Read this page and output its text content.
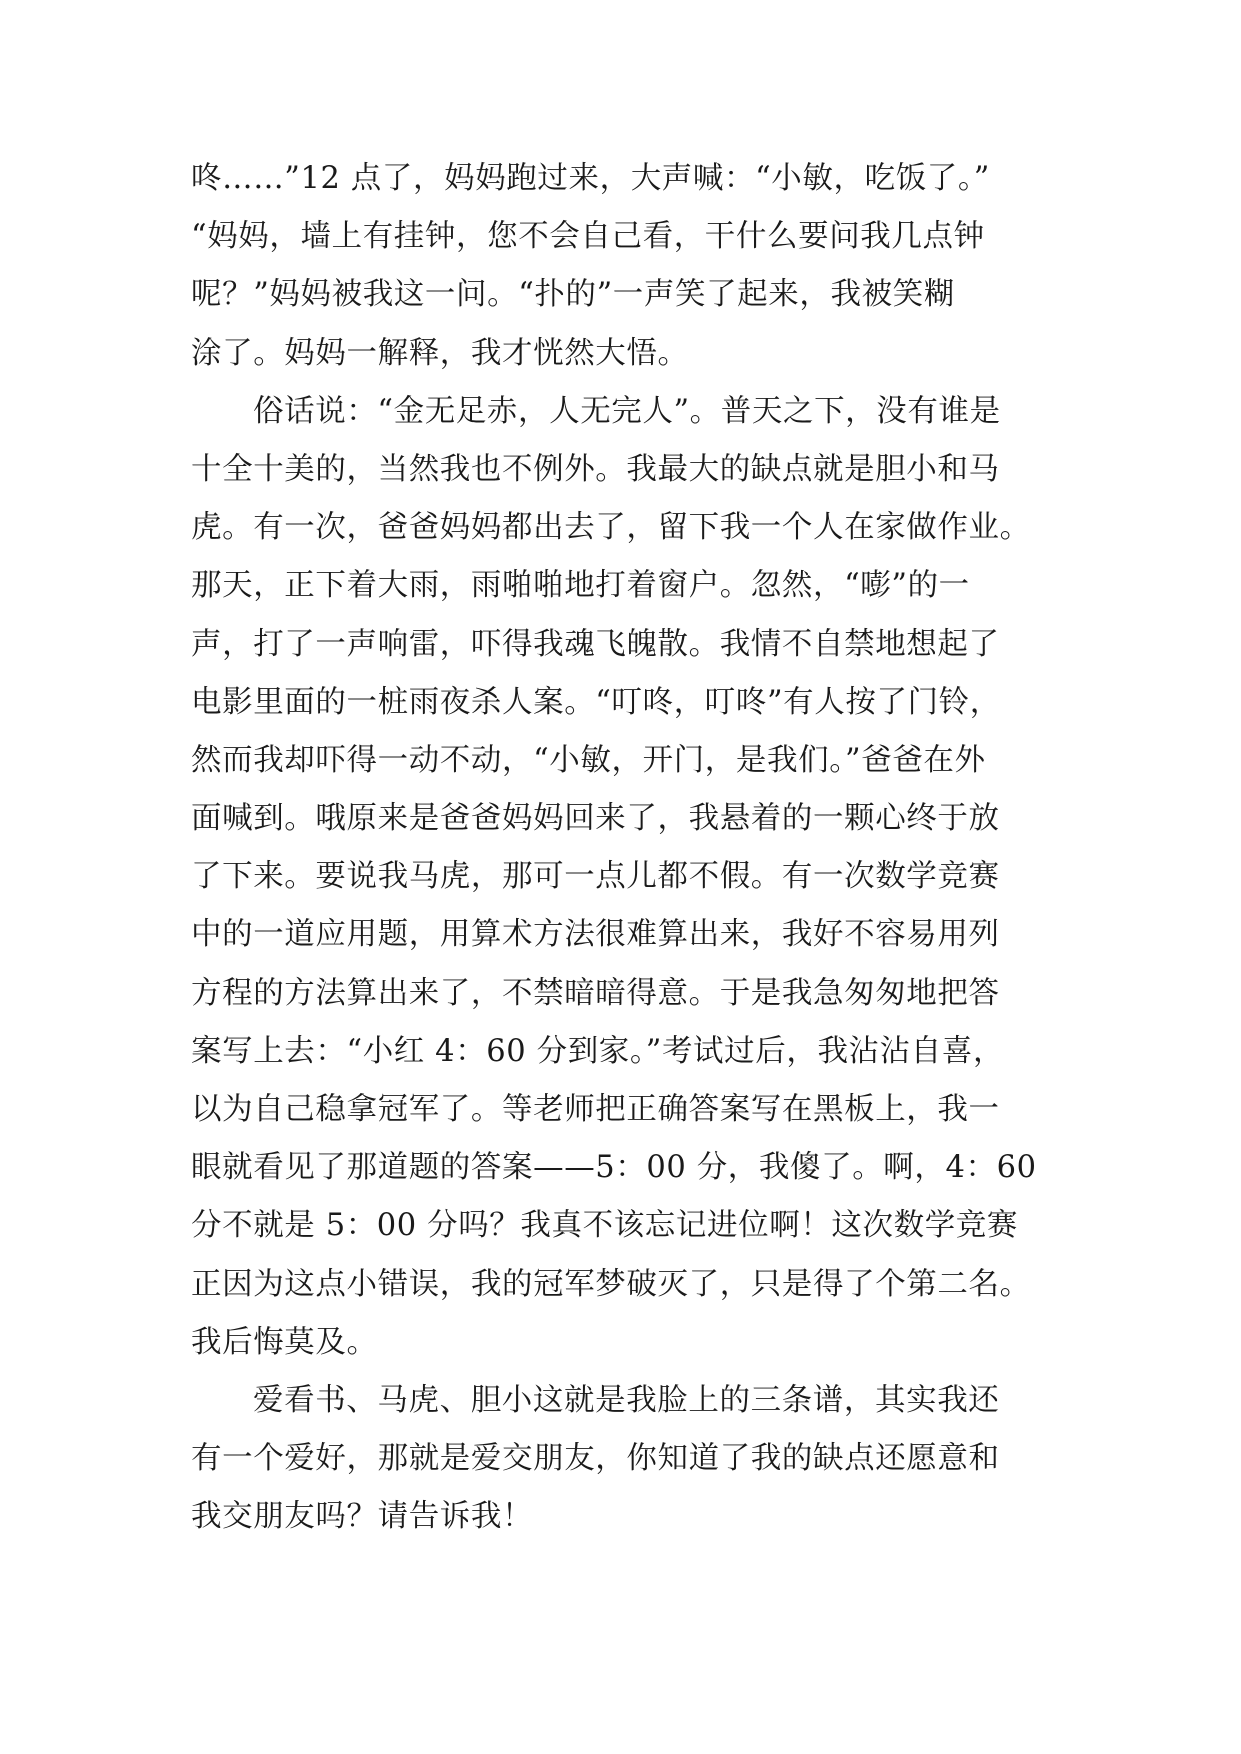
咚……”12 点了，妈妈跑过来，大声喊：“小敏，吃饭了。”
“妈妈，墙上有挂钟，您不会自己看，干什么要问我几点钟
呢？”妈妈被我这一问。“扑的”一声笑了起来，我被笑糊
涂了。妈妈一解释，我才恍然大悟。
俗话说：“金无足赤，人无完人”。普天之下，没有谁是
十全十美的，当然我也不例外。我最大的缺点就是胆小和马
虎。有一次，爸爸妈妈都出去了，留下我一个人在家做作业。
那天，正下着大雨，雨啪啪地打着窗户。忽然，“嘭”的一
声，打了一声响雷，吓得我魂飞魄散。我情不自禁地想起了
电影里面的一桩雨夜杀人案。“叮咚，叮咚”有人按了门铃，
然而我却吓得一动不动，“小敏，开门，是我们。”爸爸在外
面喊到。哦原来是爸爸妈妈回来了，我悬着的一颗心终于放
了下来。要说我马虎，那可一点儿都不假。有一次数学竞赛
中的一道应用题，用算术方法很难算出来，我好不容易用列
方程的方法算出来了，不禁暗暗得意。于是我急匆匆地把答
案写上去：“小红 4：60 分到家。”考试过后，我沾沾自喜，
以为自己稳拿冠军了。等老师把正确答案写在黑板上，我一
眼就看见了那道题的答案——5：00 分，我傻了。啊，4：60
分不就是 5：00 分吗？我真不该忘记进位啊！这次数学竞赛
正因为这点小错误，我的冠军梦破灭了，只是得了个第二名。
我后悔莫及。
爱看书、马虎、胆小这就是我脸上的三条谱，其实我还
有一个爱好，那就是爱交朋友，你知道了我的缺点还愿意和
我交朋友吗？请告诉我！
